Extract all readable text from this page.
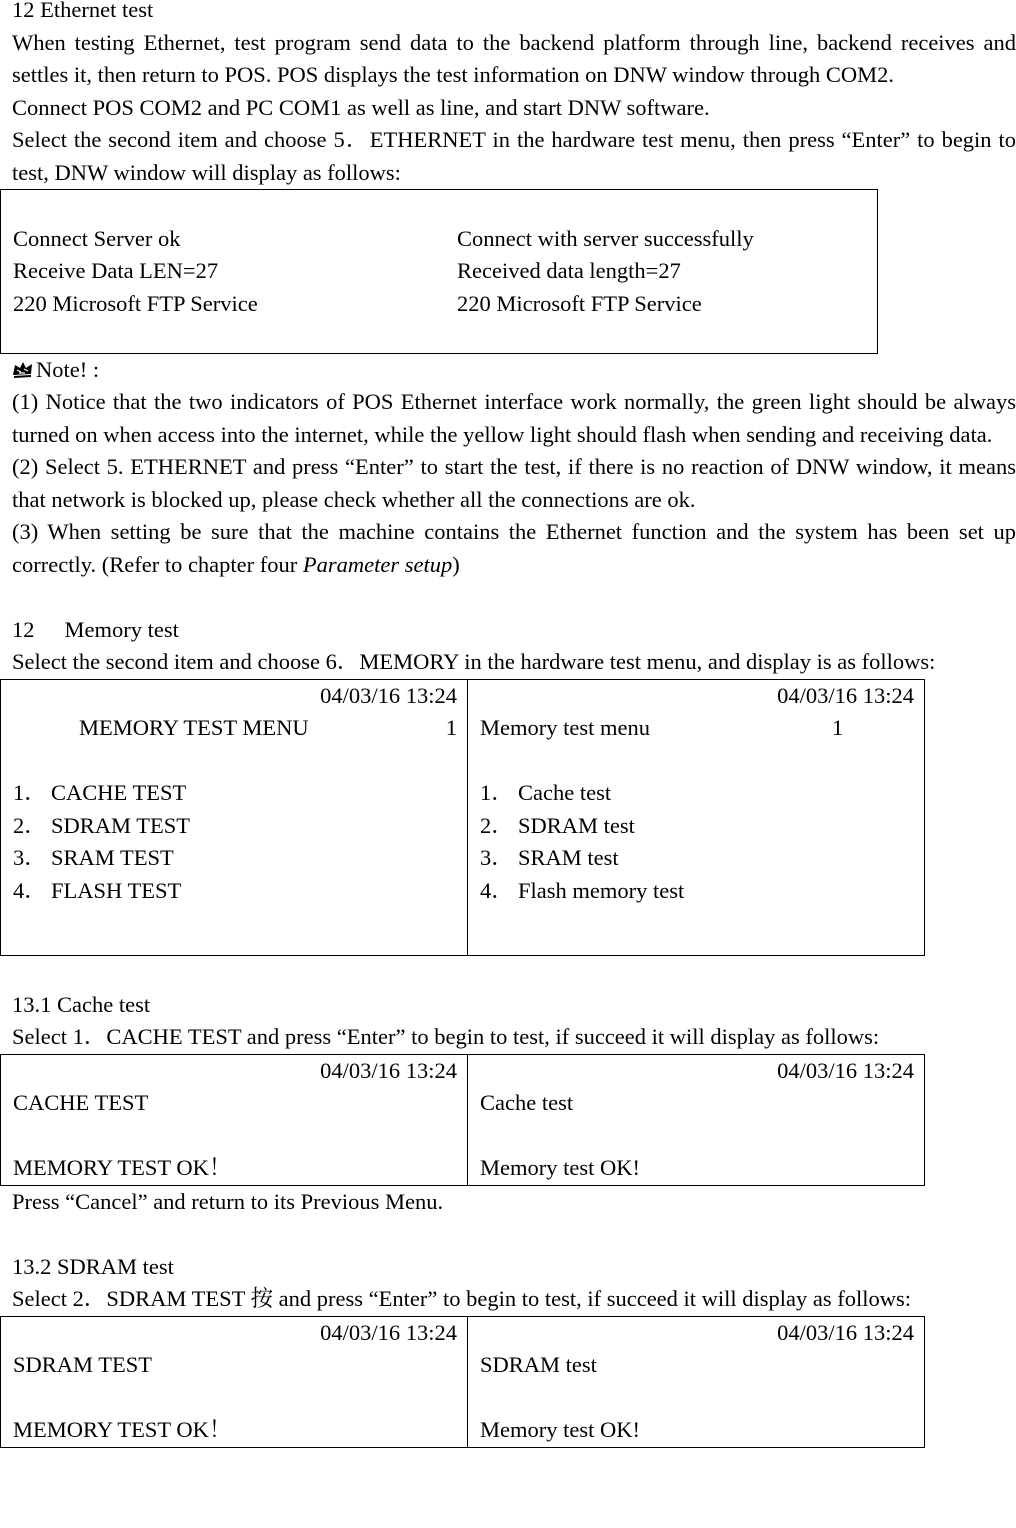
12 Ethernet test

When testing Ethernet, test program send data to the backend platform through line, backend receives and settles it, then return to POS. POS displays the test information on DNW window through COM2.

Connect POS COM2 and PC COM1 as well as line, and start DNW software.

Select the second item and choose 5．ETHERNET in the hardware test menu, then press “Enter” to begin to test, DNW window will display as follows:

Connect Server ok	Connect with server successfully
Receive Data LEN=27	Received data length=27
220 Microsoft FTP Service	220 Microsoft FTP Service

Note! :

(1) Notice that the two indicators of POS Ethernet interface work normally, the green light should be always turned on when access into the internet, while the yellow light should flash when sending and receiving data.

(2) Select 5. ETHERNET and press “Enter” to start the test, if there is no reaction of DNW window, it means that network is blocked up, please check whether all the connections are ok.

(3) When setting be sure that the machine contains the Ethernet function and the system has been set up correctly. (Refer to chapter four Parameter setup)

12 Memory test

Select the second item and choose 6．MEMORY in the hardware test menu, and display is as follows:

04/03/16 13:24
MEMORY TEST MENU	1
1． CACHE TEST
2． SDRAM TEST
3． SRAM TEST
4． FLASH TEST

04/03/16 13:24
Memory test menu	1
1． Cache test
2． SDRAM test
3． SRAM test
4． Flash memory test

13.1 Cache test

Select 1．CACHE TEST and press “Enter” to begin to test, if succeed it will display as follows:

04/03/16 13:24
CACHE TEST
MEMORY TEST OK！

04/03/16 13:24
Cache test
Memory test OK!

Press “Cancel” and return to its Previous Menu.

13.2 SDRAM test

Select 2．SDRAM TEST 按 and press “Enter” to begin to test, if succeed it will display as follows:

04/03/16 13:24
SDRAM TEST
MEMORY TEST OK！

04/03/16 13:24
SDRAM test
Memory test OK!
